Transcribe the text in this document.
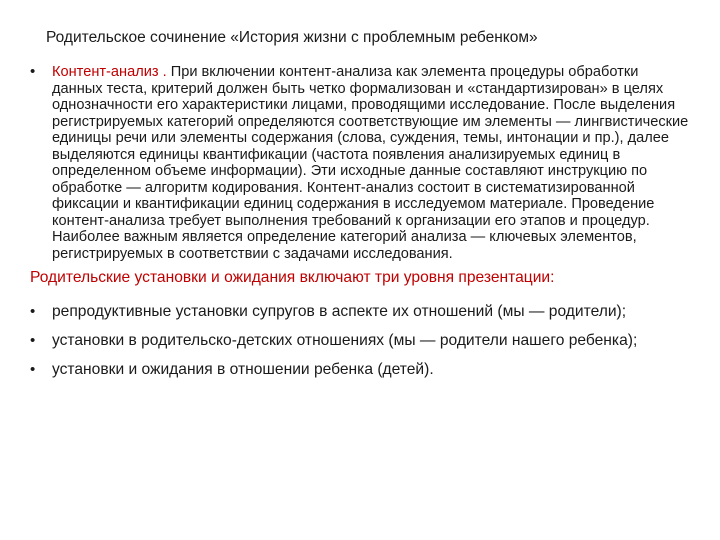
Родительское сочинение «История жизни с проблемным ребенком»

• Контент-анализ . При включении контент-анализа как элемента процедуры обработки данных теста, критерий должен быть четко формализован и «стандартизирован» в целях однозначности его характеристики лицами, проводящими исследование. После выделения регистрируемых категорий определяются соответствующие им элементы — лингвистические единицы речи или элементы содержания (слова, суждения, темы, интонации и пр.), далее выделяются единицы квантификации (частота появления анализируемых единиц в определенном объеме информации). Эти исходные данные составляют инструкцию по обработке — алгоритм кодирования. Контент-анализ состоит в систематизированной фиксации и квантификации единиц содержания в исследуемом материале. Проведение контент-анализа требует выполнения требований к организации его этапов и процедур. Наиболее важным является определение категорий анализа — ключевых элементов, регистрируемых в соответствии с задачами исследования.

Родительские установки и ожидания включают три уровня презентации:

• репродуктивные установки супругов в аспекте их отношений (мы — родители);

• установки в родительско-детских отношениях (мы — родители нашего ребенка);

• установки и ожидания в отношении ребенка (детей).
